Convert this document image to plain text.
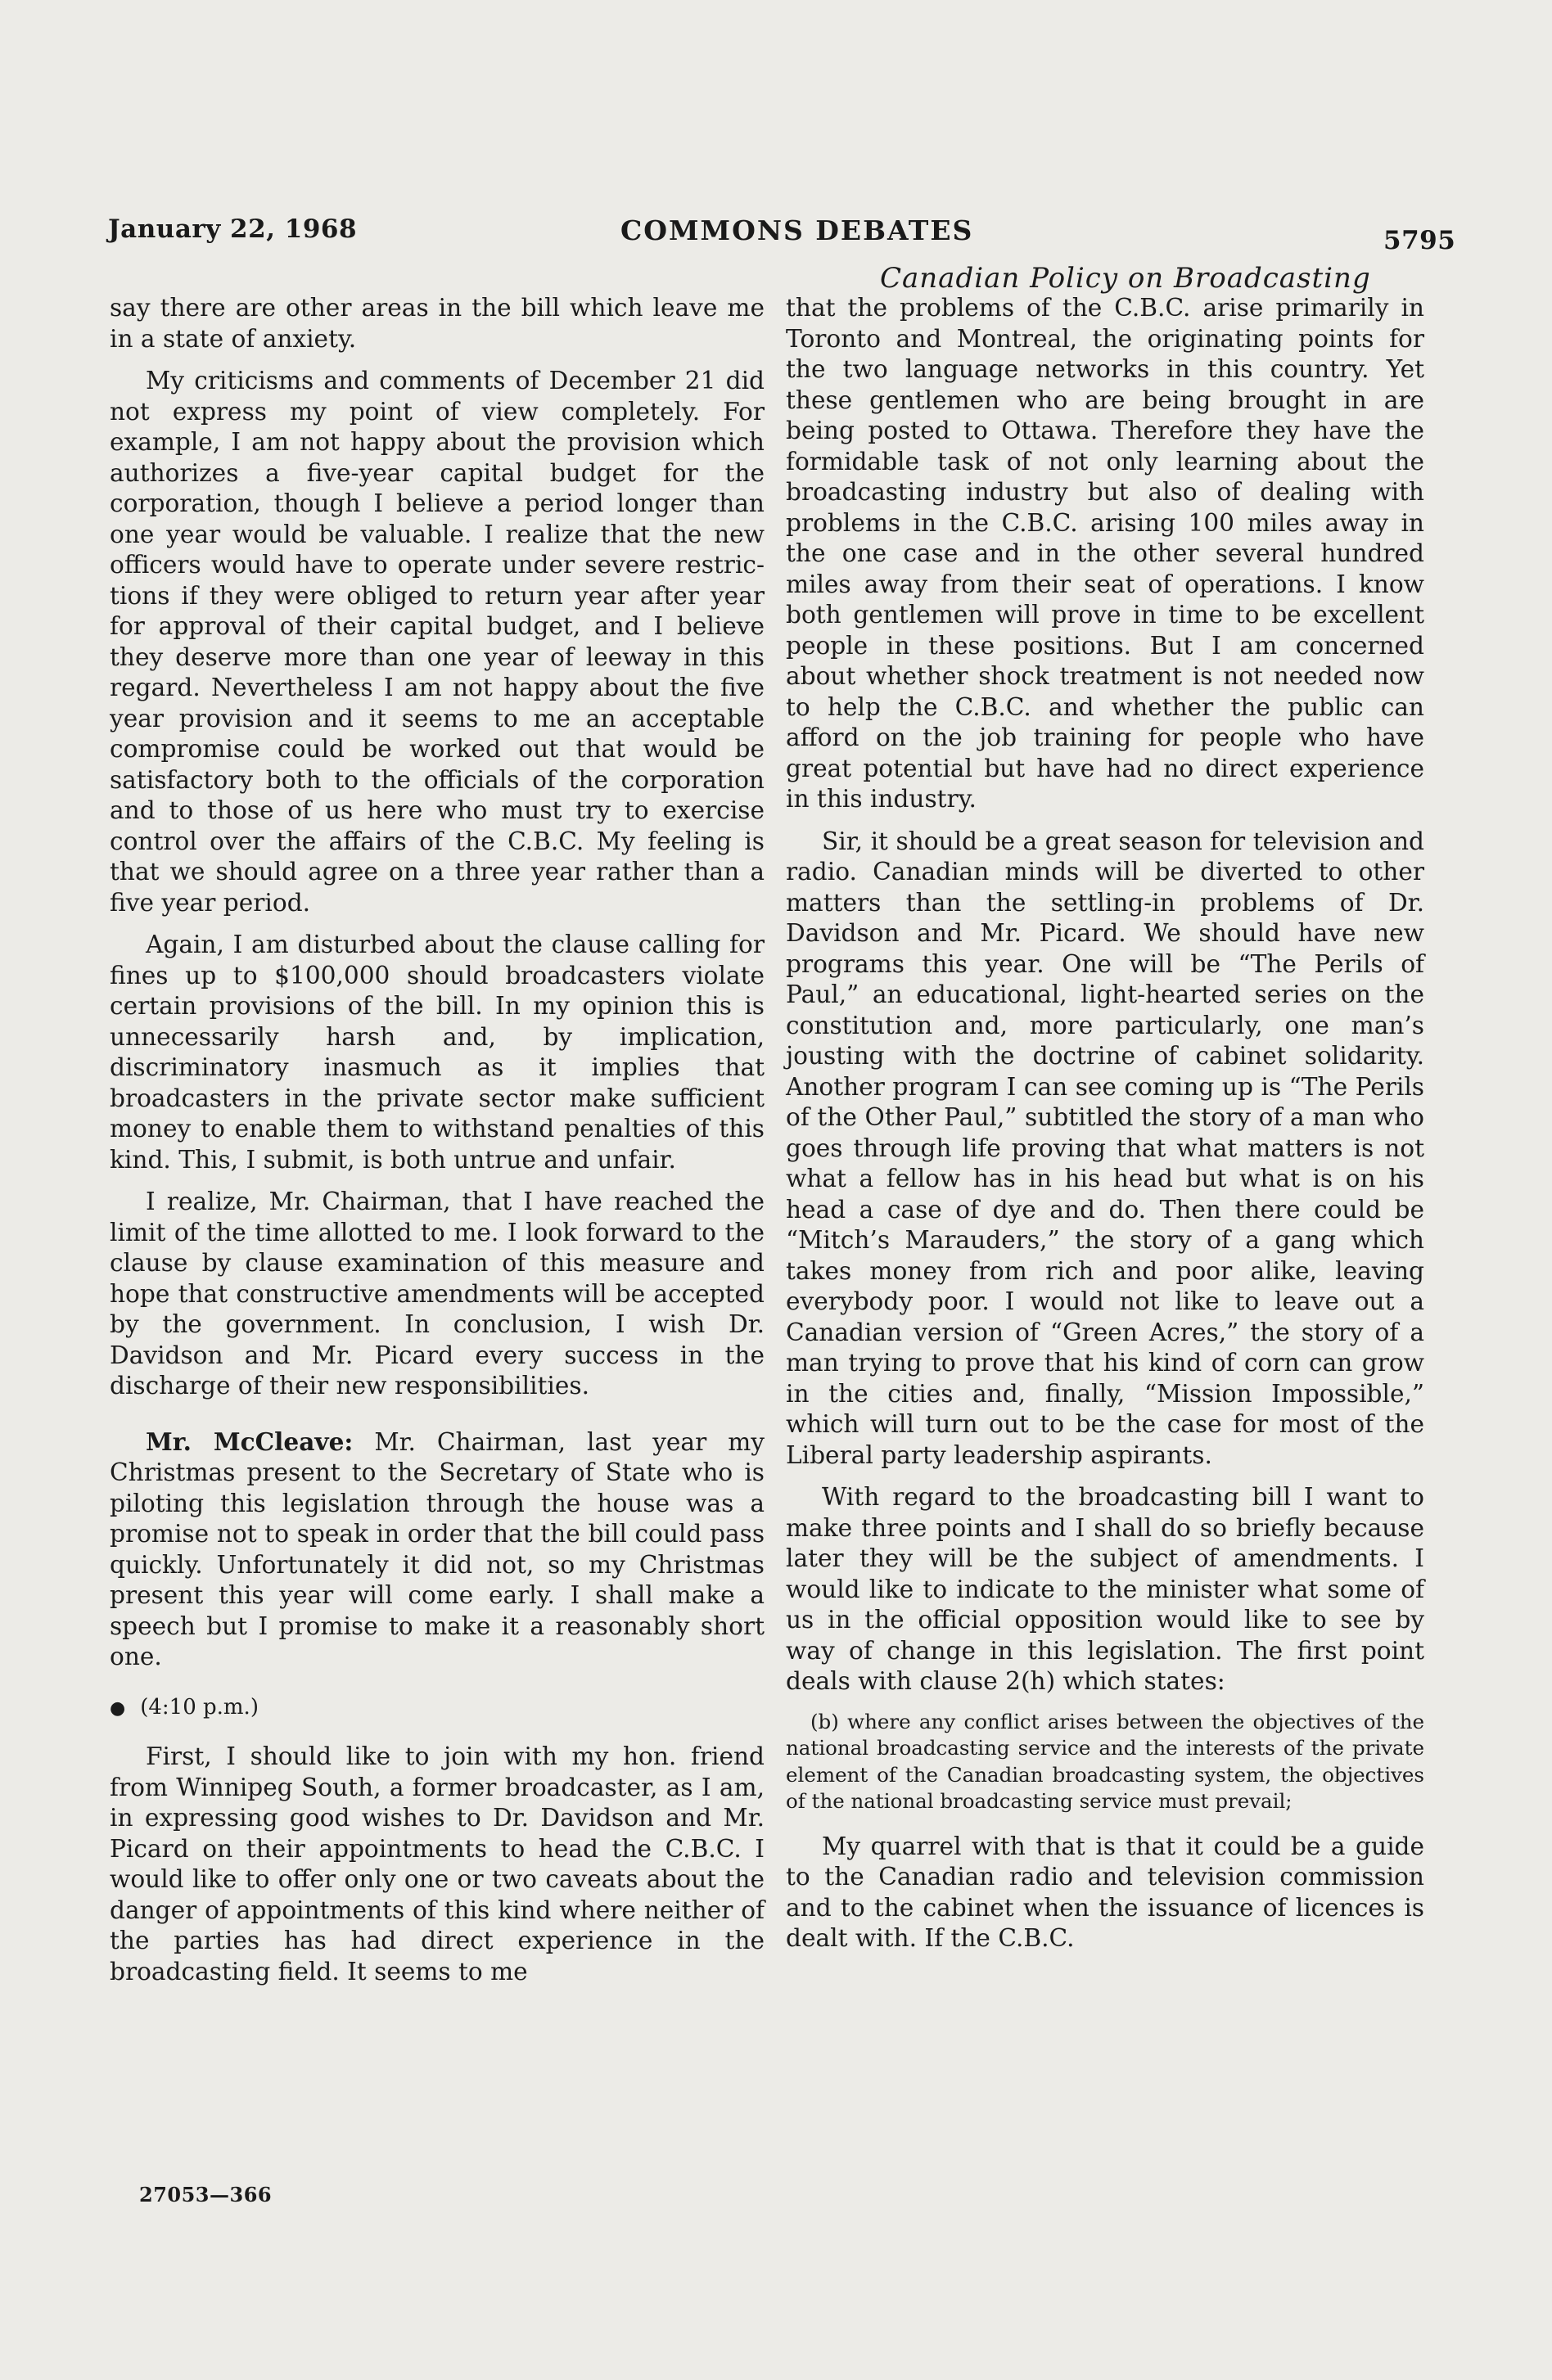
January 22, 1968	COMMONS DEBATES	5795
Canadian Policy on Broadcasting

say there are other areas in the bill which leave me in a state of anxiety.

My criticisms and comments of December 21 did not express my point of view completely. For example, I am not happy about the provision which authorizes a five-year capital budget for the corporation, though I believe a period longer than one year would be valuable. I realize that the new officers would have to operate under severe restrictions if they were obliged to return year after year for approval of their capital budget, and I believe they deserve more than one year of leeway in this regard. Nevertheless I am not happy about the five year provision and it seems to me an acceptable compromise could be worked out that would be satisfactory both to the officials of the corporation and to those of us here who must try to exercise control over the affairs of the C.B.C. My feeling is that we should agree on a three year rather than a five year period.

Again, I am disturbed about the clause calling for fines up to $100,000 should broadcasters violate certain provisions of the bill. In my opinion this is unnecessarily harsh and, by implication, discriminatory inasmuch as it implies that broadcasters in the private sector make sufficient money to enable them to withstand penalties of this kind. This, I submit, is both untrue and unfair.

I realize, Mr. Chairman, that I have reached the limit of the time allotted to me. I look forward to the clause by clause examination of this measure and hope that constructive amendments will be accepted by the government. In conclusion, I wish Dr. Davidson and Mr. Picard every success in the discharge of their new responsibilities.

Mr. McCleave: Mr. Chairman, last year my Christmas present to the Secretary of State who is piloting this legislation through the house was a promise not to speak in order that the bill could pass quickly. Unfortunately it did not, so my Christmas present this year will come early. I shall make a speech but I promise to make it a reasonably short one.

● (4:10 p.m.)

First, I should like to join with my hon. friend from Winnipeg South, a former broadcaster, as I am, in expressing good wishes to Dr. Davidson and Mr. Picard on their appointments to head the C.B.C. I would like to offer only one or two caveats about the danger of appointments of this kind where neither of the parties has had direct experience in the broadcasting field. It seems to me

that the problems of the C.B.C. arise primarily in Toronto and Montreal, the originating points for the two language networks in this country. Yet these gentlemen who are being brought in are being posted to Ottawa. Therefore they have the formidable task of not only learning about the broadcasting industry but also of dealing with problems in the C.B.C. arising 100 miles away in the one case and in the other several hundred miles away from their seat of operations. I know both gentlemen will prove in time to be excellent people in these positions. But I am concerned about whether shock treatment is not needed now to help the C.B.C. and whether the public can afford on the job training for people who have great potential but have had no direct experience in this industry.

Sir, it should be a great season for television and radio. Canadian minds will be diverted to other matters than the settling-in problems of Dr. Davidson and Mr. Picard. We should have new programs this year. One will be “The Perils of Paul,” an educational, light-hearted series on the constitution and, more particularly, one man’s jousting with the doctrine of cabinet solidarity. Another program I can see coming up is “The Perils of the Other Paul,” subtitled the story of a man who goes through life proving that what matters is not what a fellow has in his head but what is on his head a case of dye and do. Then there could be “Mitch’s Marauders,” the story of a gang which takes money from rich and poor alike, leaving everybody poor. I would not like to leave out a Canadian version of “Green Acres,” the story of a man trying to prove that his kind of corn can grow in the cities and, finally, “Mission Impossible,” which will turn out to be the case for most of the Liberal party leadership aspirants.

With regard to the broadcasting bill I want to make three points and I shall do so briefly because later they will be the subject of amendments. I would like to indicate to the minister what some of us in the official opposition would like to see by way of change in this legislation. The first point deals with clause 2(h) which states:

(b) where any conflict arises between the objectives of the national broadcasting service and the interests of the private element of the Canadian broadcasting system, the objectives of the national broadcasting service must prevail;

My quarrel with that is that it could be a guide to the Canadian radio and television commission and to the cabinet when the issuance of licences is dealt with. If the C.B.C.

27053—366
